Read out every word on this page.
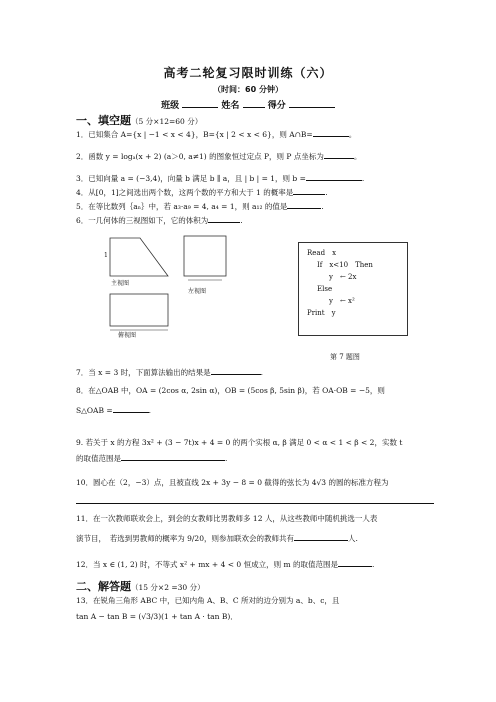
高考二轮复习限时训练（六）
（时间：60 分钟）
班级	姓名	得分
一、填空题（5 分×12=60 分）
1．已知集合 A={x | −1 < x < 4}，B={x | 2 < x < 6}，则 A∩B=	。
2．函数 y = logₐ(x + 2) (a＞0, a≠1) 的图象恒过定点 P，则 P 点坐标为	。
3．已知向量 a = (−3,4)，向量 b 满足 b ∥ a，且 | b | = 1，则 b =	.
4．从[0，1]之间选出两个数，这两个数的平方和大于 1 的概率是	.
5．在等比数列｛aₙ｝中，若 a₃·a₉ = 4, a₄ = 1，则 a₁₂ 的值是	.
6．一几何体的三视图如下，它的体积为	.
主视图
左视图
俯视图
1	Read　x
If　x<10　Then
y　← 2x
Else
y　← x²
Print　y
第 7 题图
7．当 x = 3 时，下面算法输出的结果是	.
8．在△OAB 中，OA = (2cos α, 2sin α)，OB = (5cos β, 5sin β)，若 OA·OB = −5，则
S△OAB =	.
9. 若关于 x 的方程 3x² + (3 − 7t)x + 4 = 0 的两个实根 α, β 满足 0 < α < 1 < β < 2，实数 t
的取值范围是	.
10．圆心在（2，−3）点，且被直线 2x + 3y − 8 = 0 截得的弦长为 4√3 的圆的标准方程为
11．在一次教师联欢会上，到会的女教师比男教师多 12 人，从这些教师中随机挑选一人表
演节目，　若选到男教师的概率为 9/20，则参加联欢会的教师共有	人.
12．当 x ∈ (1, 2) 时，不等式 x² + mx + 4 < 0 恒成立，则 m 的取值范围是	.
二、解答题（15 分×2 =30 分）
13．在锐角三角形 ABC 中，已知内角 A、B、C 所对的边分别为 a、b、c，且
tan A − tan B = (√3/3)(1 + tan A · tan B)．
